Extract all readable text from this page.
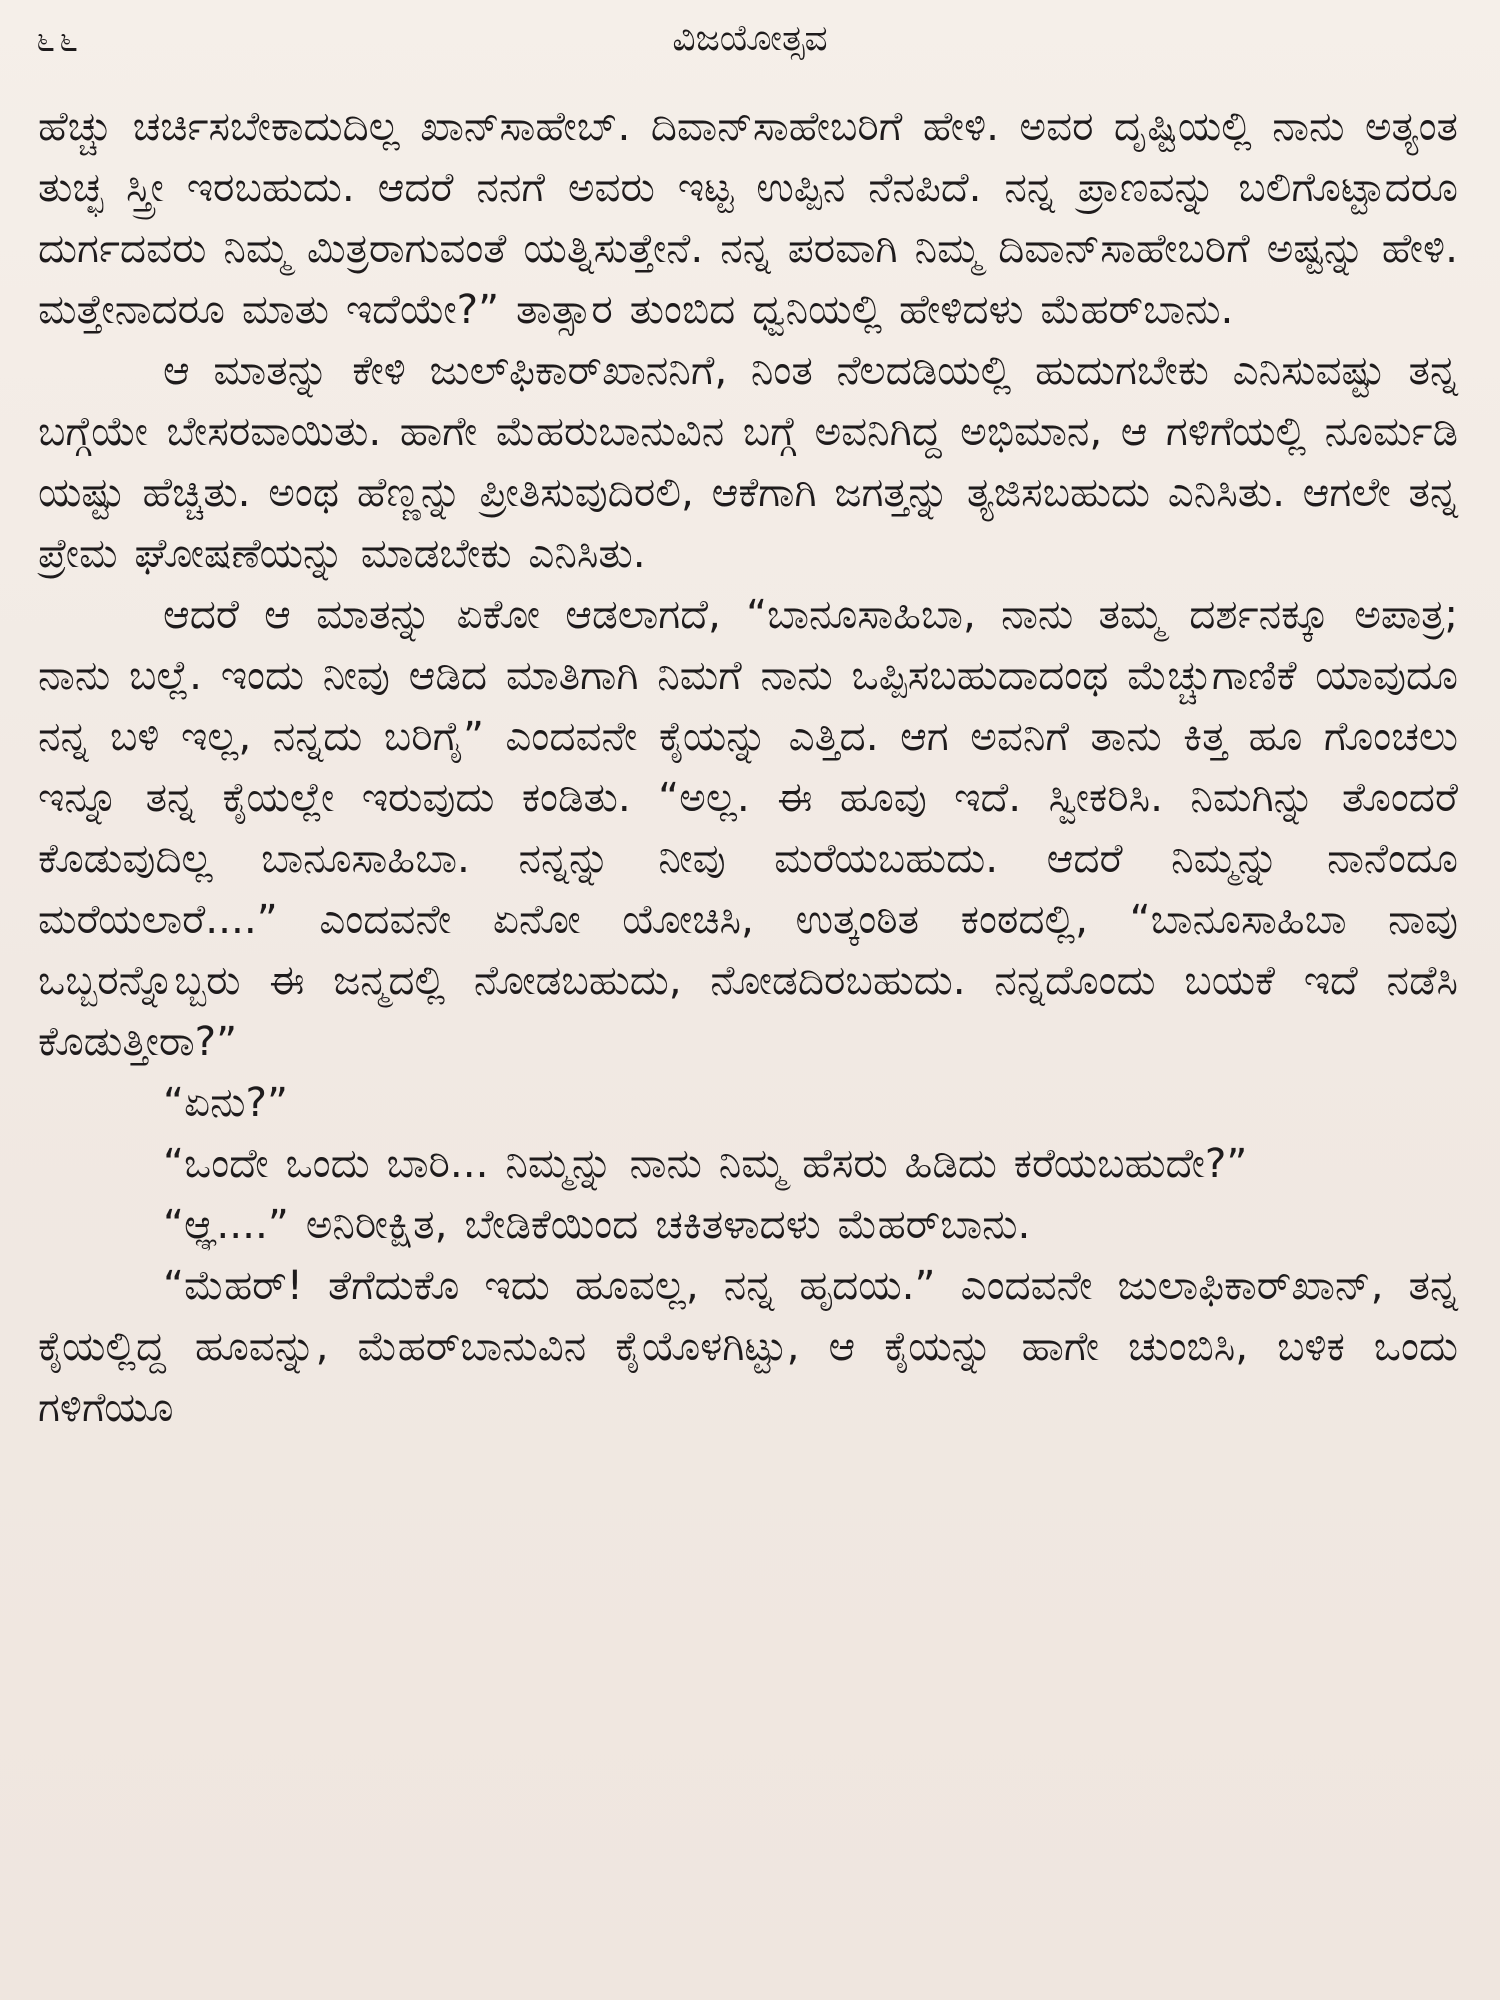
೬೬	ವಿಜಯೋತ್ಸವ

ಹೆಚ್ಚು ಚರ್ಚಿಸಬೇಕಾದುದಿಲ್ಲ ಖಾನ್‌ಸಾಹೇಬ್. ದಿವಾನ್‌ಸಾಹೇಬರಿಗೆ ಹೇಳಿ. ಅವರ ದೃಷ್ಟಿಯಲ್ಲಿ ನಾನು ಅತ್ಯಂತ ತುಚ್ಛ ಸ್ತ್ರೀ ಇರಬಹುದು. ಆದರೆ ನನಗೆ ಅವರು ಇಟ್ಟ ಉಪ್ಪಿನ ನೆನಪಿದೆ. ನನ್ನ ಪ್ರಾಣವನ್ನು ಬಲಿಗೊಟ್ಟಾದರೂ ದುರ್ಗದವರು ನಿಮ್ಮ ಮಿತ್ರರಾಗುವಂತೆ ಯತ್ನಿಸುತ್ತೇನೆ. ನನ್ನ ಪರವಾಗಿ ನಿಮ್ಮ ದಿವಾನ್‌ಸಾಹೇಬರಿಗೆ ಅಷ್ಟನ್ನು ಹೇಳಿ. ಮತ್ತೇನಾದರೂ ಮಾತು ಇದೆಯೇ?” ತಾತ್ಸಾರ ತುಂಬಿದ ಧ್ವನಿಯಲ್ಲಿ ಹೇಳಿದಳು ಮೆಹರ್‌ಬಾನು.

ಆ ಮಾತನ್ನು ಕೇಳಿ ಜುಲ್‌ಫಿಕಾರ್‌ಖಾನನಿಗೆ, ನಿಂತ ನೆಲದಡಿಯಲ್ಲಿ ಹುದುಗಬೇಕು ಎನಿಸುವಷ್ಟು ತನ್ನ ಬಗ್ಗೆಯೇ ಬೇಸರವಾಯಿತು. ಹಾಗೇ ಮೆಹರುಬಾನುವಿನ ಬಗ್ಗೆ ಅವನಿಗಿದ್ದ ಅಭಿಮಾನ, ಆ ಗಳಿಗೆಯಲ್ಲಿ ನೂರ್ಮಡಿ ಯಷ್ಟು ಹೆಚ್ಚಿತು. ಅಂಥ ಹೆಣ್ಣನ್ನು ಪ್ರೀತಿಸುವುದಿರಲಿ, ಆಕೆಗಾಗಿ ಜಗತ್ತನ್ನು ತ್ಯಜಿಸಬಹುದು ಎನಿಸಿತು. ಆಗಲೇ ತನ್ನ ಪ್ರೇಮ ಘೋಷಣೆಯನ್ನು ಮಾಡಬೇಕು ಎನಿಸಿತು.

ಆದರೆ ಆ ಮಾತನ್ನು ಏಕೋ ಆಡಲಾಗದೆ, “ಬಾನೂಸಾಹಿಬಾ, ನಾನು ತಮ್ಮ ದರ್ಶನಕ್ಕೂ ಅಪಾತ್ರ; ನಾನು ಬಲ್ಲೆ. ಇಂದು ನೀವು ಆಡಿದ ಮಾತಿಗಾಗಿ ನಿಮಗೆ ನಾನು ಒಪ್ಪಿಸಬಹುದಾದಂಥ ಮೆಚ್ಚುಗಾಣಿಕೆ ಯಾವುದೂ ನನ್ನ ಬಳಿ ಇಲ್ಲ, ನನ್ನದು ಬರಿಗೈ” ಎಂದವನೇ ಕೈಯನ್ನು ಎತ್ತಿದ. ಆಗ ಅವನಿಗೆ ತಾನು ಕಿತ್ತ ಹೂ ಗೊಂಚಲು ಇನ್ನೂ ತನ್ನ ಕೈಯಲ್ಲೇ ಇರುವುದು ಕಂಡಿತು. “ಅಲ್ಲ. ಈ ಹೂವು ಇದೆ. ಸ್ವೀಕರಿಸಿ. ನಿಮಗಿನ್ನು ತೊಂದರೆ ಕೊಡುವುದಿಲ್ಲ ಬಾನೂಸಾಹಿಬಾ. ನನ್ನನ್ನು ನೀವು ಮರೆಯಬಹುದು. ಆದರೆ ನಿಮ್ಮನ್ನು ನಾನೆಂದೂ ಮರೆಯಲಾರೆ....” ಎಂದವನೇ ಏನೋ ಯೋಚಿಸಿ, ಉತ್ಕಂಠಿತ ಕಂಠದಲ್ಲಿ, “ಬಾನೂಸಾಹಿಬಾ ನಾವು ಒಬ್ಬರನ್ನೊಬ್ಬರು ಈ ಜನ್ಮದಲ್ಲಿ ನೋಡಬಹುದು, ನೋಡದಿರಬಹುದು. ನನ್ನದೊಂದು ಬಯಕೆ ಇದೆ ನಡೆಸಿ ಕೊಡುತ್ತೀರಾ?”

“ಏನು?”

“ಒಂದೇ ಒಂದು ಬಾರಿ... ನಿಮ್ಮನ್ನು ನಾನು ನಿಮ್ಮ ಹೆಸರು ಹಿಡಿದು ಕರೆಯಬಹುದೇ?”

“ಆ್ಞ....” ಅನಿರೀಕ್ಷಿತ, ಬೇಡಿಕೆಯಿಂದ ಚಕಿತಳಾದಳು ಮೆಹರ್‌ಬಾನು.

“ಮೆಹರ್! ತೆಗೆದುಕೊ ಇದು ಹೂವಲ್ಲ, ನನ್ನ ಹೃದಯ.” ಎಂದವನೇ ಜುಲಾಫಿಕಾರ್‌ಖಾನ್, ತನ್ನ ಕೈಯಲ್ಲಿದ್ದ ಹೂವನ್ನು, ಮೆಹರ್‌ಬಾನುವಿನ ಕೈಯೊಳಗಿಟ್ಟು, ಆ ಕೈಯನ್ನು ಹಾಗೇ ಚುಂಬಿಸಿ, ಬಳಿಕ ಒಂದು ಗಳಿಗೆಯೂ
